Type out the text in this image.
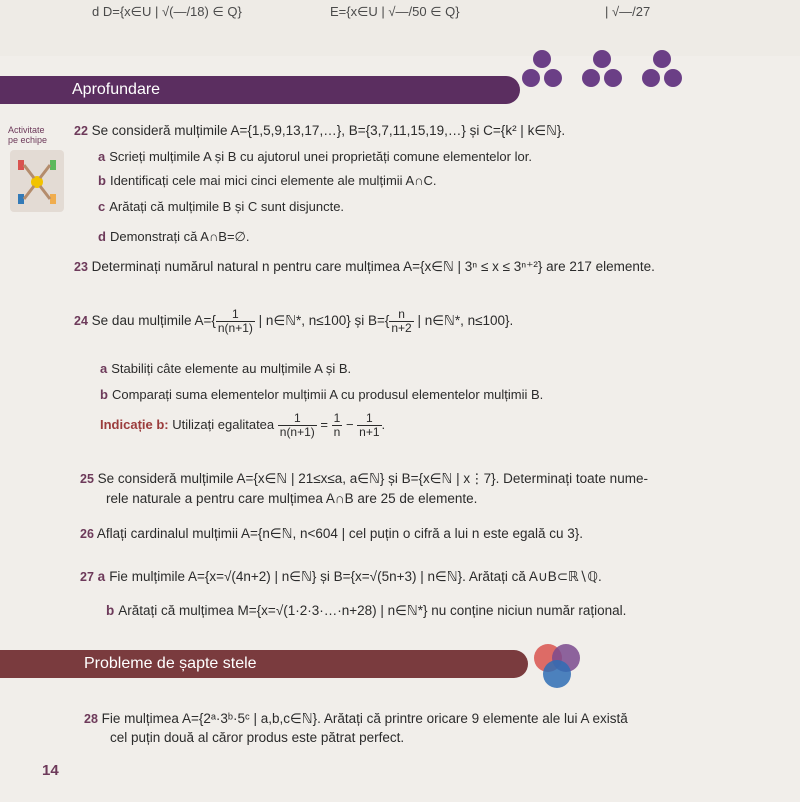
d D={x∈U | √(—/18) ∈ Q}	E={x∈U | √—/50 ∈ Q}	| √—/27
Aprofundare
Activitate
pe echipe
22 Se consideră mulțimile A={1,5,9,13,17,…}, B={3,7,11,15,19,…} și C={k² | k∈ℕ}.
a Scrieți mulțimile A și B cu ajutorul unei proprietăți comune elementelor lor.
b Identificați cele mai mici cinci elemente ale mulțimii A∩C.
c Arătați că mulțimile B și C sunt disjuncte.
d Demonstrați că A∩B=∅.
23 Determinați numărul natural n pentru care mulțimea A={x∈ℕ | 3ⁿ ≤ x ≤ 3ⁿ⁺²} are 217 elemente.
24 Se dau mulțimile $A=\{ \frac{1}{n(n+1)}$ | n∈ℕ*, n≤100} și $B=\{ \frac{n}{n+2}$ | n∈ℕ*, n≤100}.
a Stabiliți câte elemente au mulțimile A și B.
b Comparați suma elementelor mulțimii A cu produsul elementelor mulțimii B.
Indicație b: Utilizați egalitatea $\frac{1}{n(n+1)} = \frac{1}{n} - \frac{1}{n+1}$ .
25 Se consideră mulțimile A={x∈ℕ | 21≤x≤a, a∈ℕ} și B={x∈ℕ | x⋮7}. Determinați toate nume-
rele naturale a pentru care mulțimea A∩B are 25 de elemente.
26 Aflați cardinalul mulțimii A={n∈ℕ, n<604 | cel puțin o cifră a lui n este egală cu 3}.
27 a Fie mulțimile A={x=√(4n+2) | n∈ℕ} și B={x=√(5n+3) | n∈ℕ}. Arătați că A∪B⊂ℝ∖ℚ.
b Arătați că mulțimea M={x=√(1·2·3·…·n+28) | n∈ℕ*} nu conține niciun număr rațional.
Probleme de șapte stele
28 Fie mulțimea A={2ᵃ·3ᵇ·5ᶜ | a,b,c∈ℕ}. Arătați că printre oricare 9 elemente ale lui A există
cel puțin două al căror produs este pătrat perfect.
14
